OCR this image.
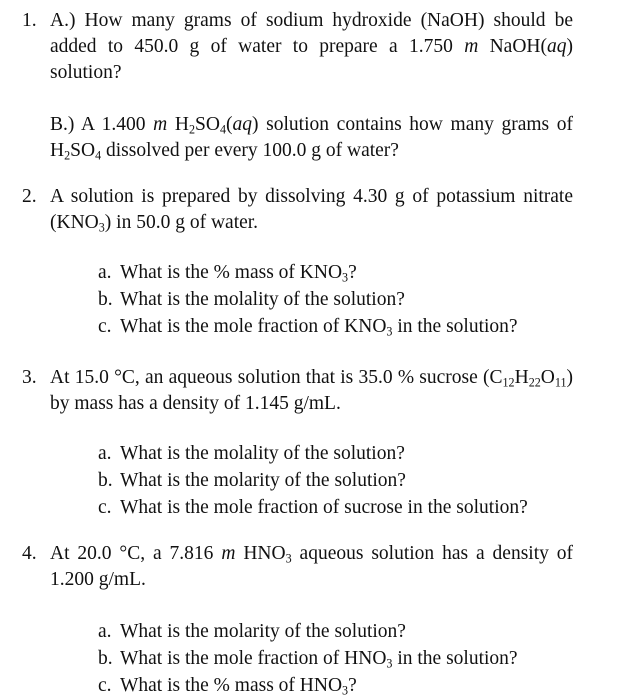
1. A.) How many grams of sodium hydroxide (NaOH) should be added to 450.0 g of water to prepare a 1.750 m NaOH(aq) solution?
B.) A 1.400 m $H_2SO_4(aq)$ solution contains how many grams of $H_2SO_4$ dissolved per every 100.0 g of water?
2. A solution is prepared by dissolving 4.30 g of potassium nitrate $(KNO_3)$ in 50.0 g of water.
a. What is the % mass of $KNO_3$?
b. What is the molality of the solution?
c. What is the mole fraction of $KNO_3$ in the solution?
3. At 15.0 °C, an aqueous solution that is 35.0 % sucrose $(C_{12}H_{22}O_{11})$ by mass has a density of 1.145 g/mL.
a. What is the molality of the solution?
b. What is the molarity of the solution?
c. What is the mole fraction of sucrose in the solution?
4. At 20.0 °C, a 7.816 m $HNO_3$ aqueous solution has a density of 1.200 g/mL.
a. What is the molarity of the solution?
b. What is the mole fraction of $HNO_3$ in the solution?
c. What is the % mass of $HNO_3$?
